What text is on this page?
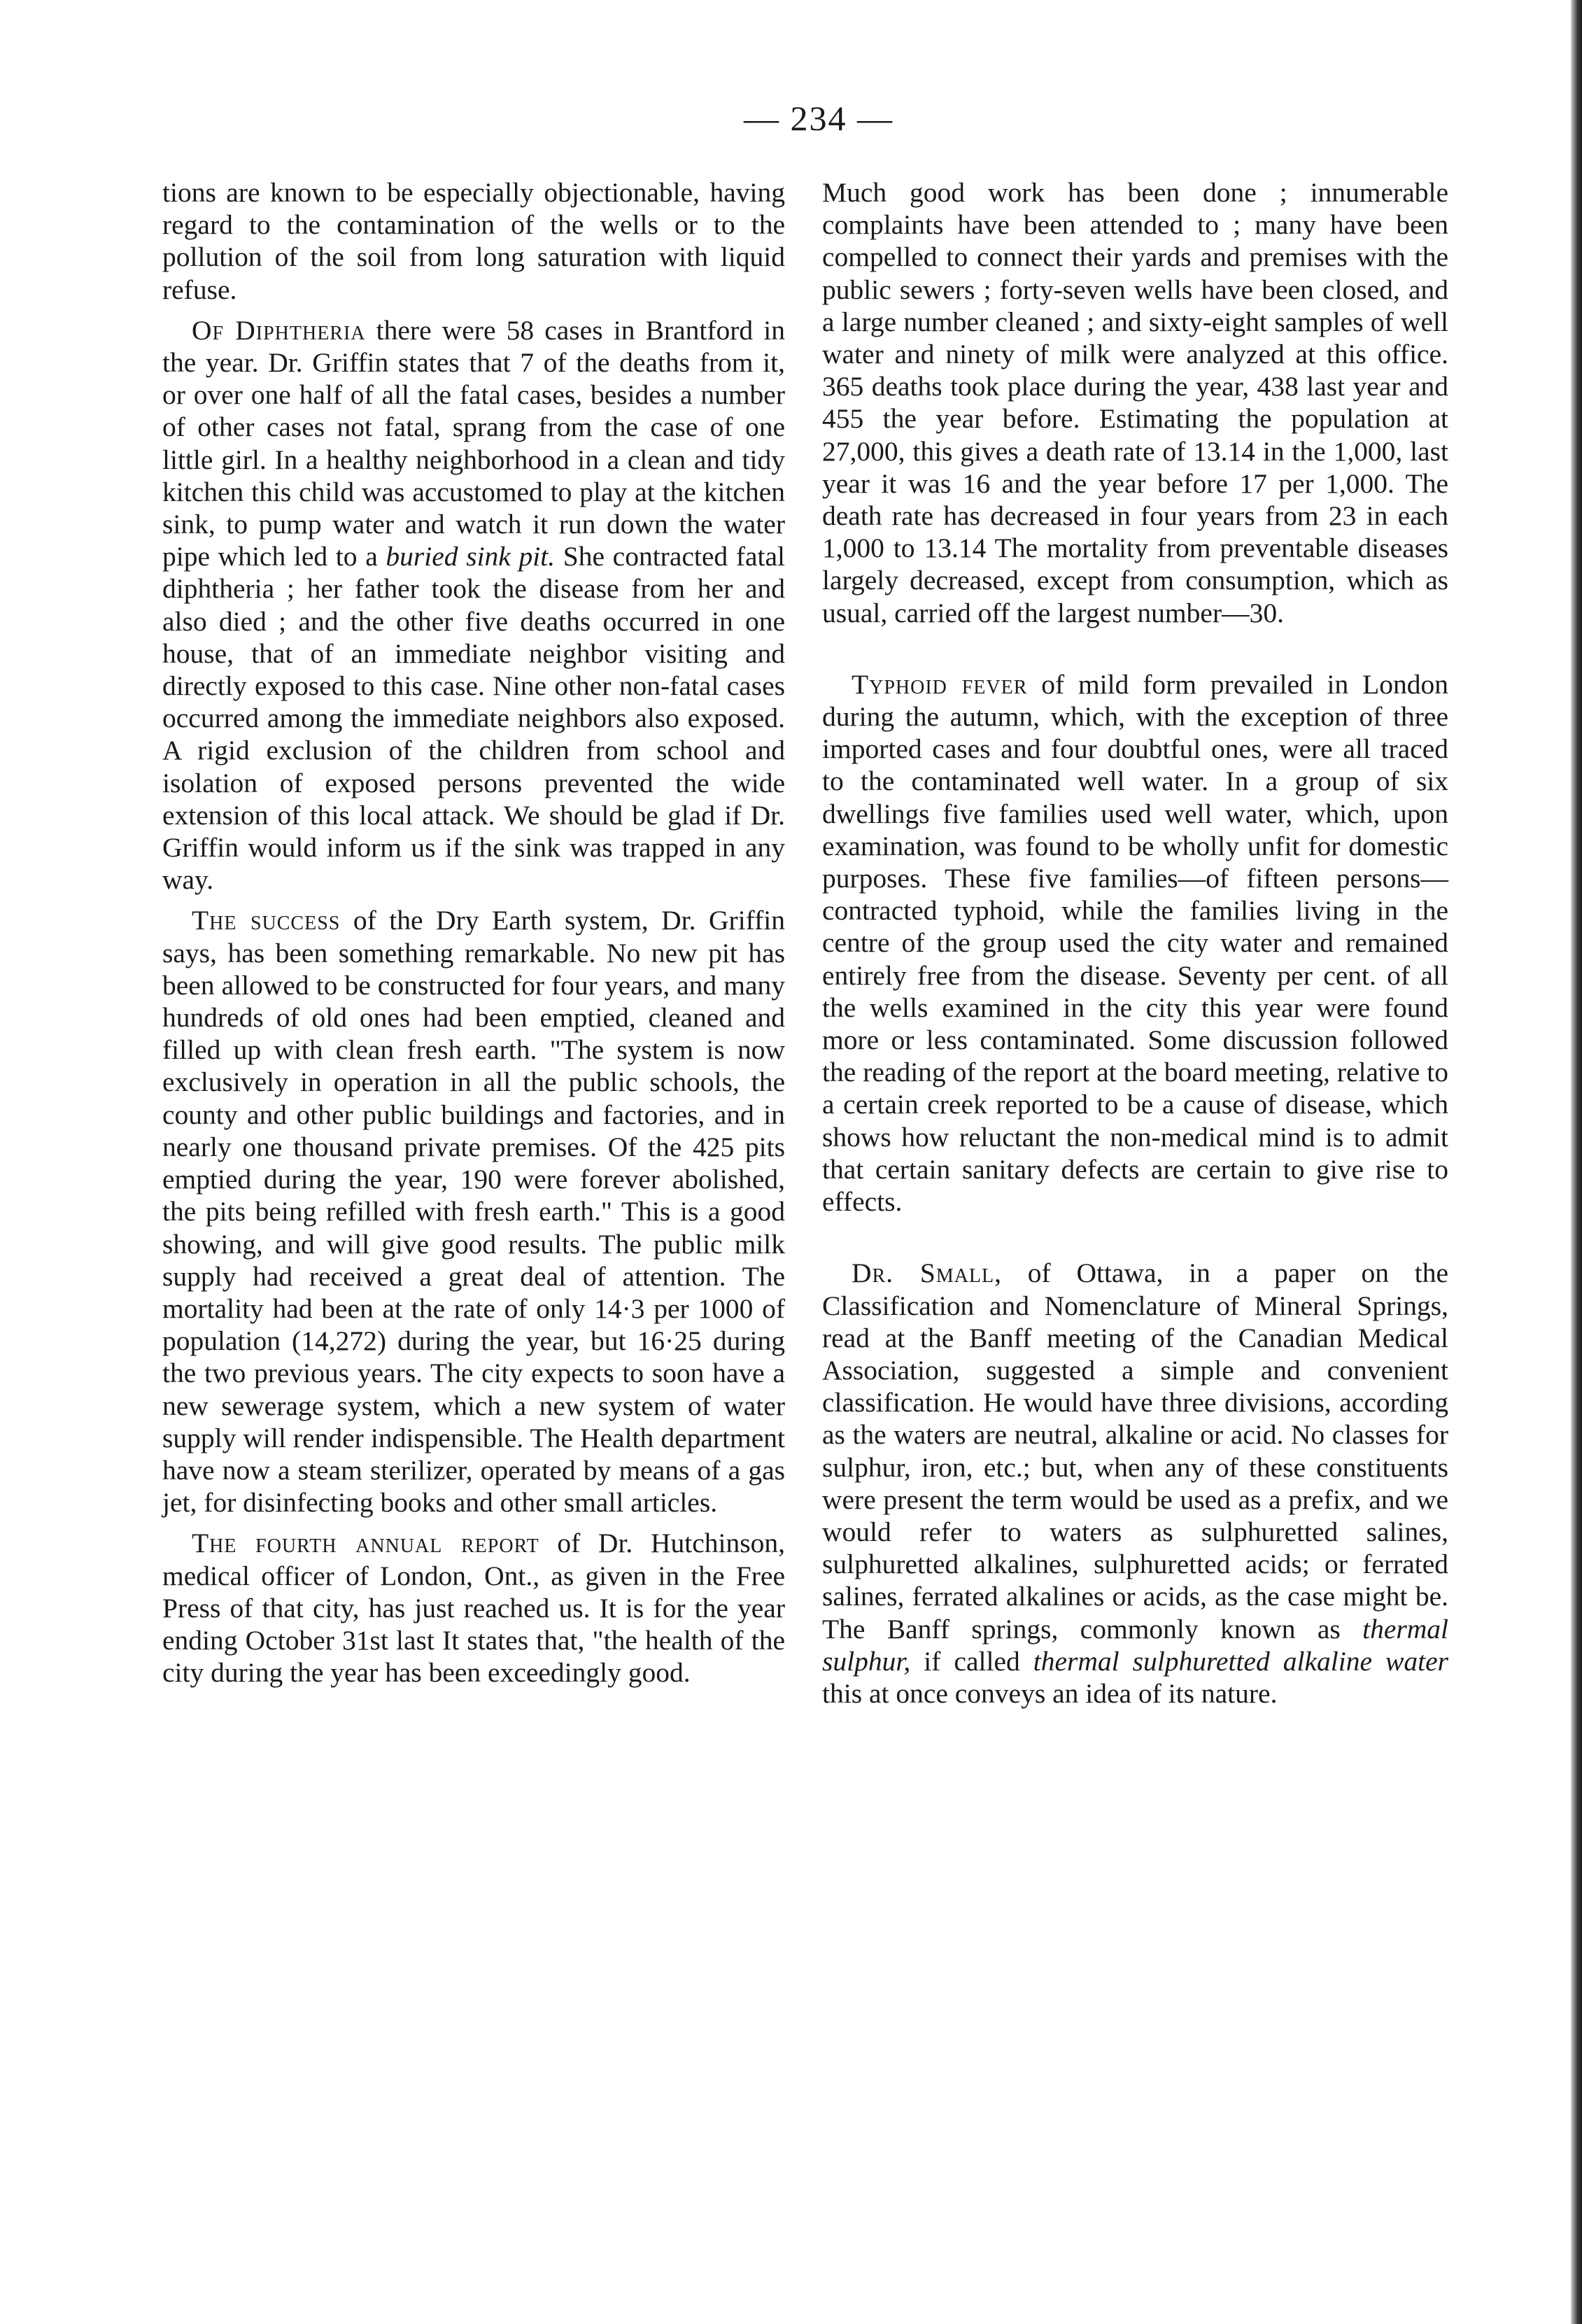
— 234 —

tions are known to be especially objectionable, having regard to the contamination of the wells or to the pollution of the soil from long saturation with liquid refuse.

Of Diphtheria there were 58 cases in Brantford in the year. Dr. Griffin states that 7 of the deaths from it, or over one half of all the fatal cases, besides a number of other cases not fatal, sprang from the case of one little girl. In a healthy neighborhood in a clean and tidy kitchen this child was accustomed to play at the kitchen sink, to pump water and watch it run down the water pipe which led to a buried sink pit. She contracted fatal diphtheria ; her father took the disease from her and also died ; and the other five deaths occurred in one house, that of an immediate neighbor visiting and directly exposed to this case. Nine other non-fatal cases occurred among the immediate neighbors also exposed. A rigid exclusion of the children from school and isolation of exposed persons prevented the wide extension of this local attack. We should be glad if Dr. Griffin would inform us if the sink was trapped in any way.

The success of the Dry Earth system, Dr. Griffin says, has been something remarkable. No new pit has been allowed to be constructed for four years, and many hundreds of old ones had been emptied, cleaned and filled up with clean fresh earth. "The system is now exclusively in operation in all the public schools, the county and other public buildings and factories, and in nearly one thousand private premises. Of the 425 pits emptied during the year, 190 were forever abolished, the pits being refilled with fresh earth." This is a good showing, and will give good results. The public milk supply had received a great deal of attention. The mortality had been at the rate of only 14·3 per 1000 of population (14,272) during the year, but 16·25 during the two previous years. The city expects to soon have a new sewerage system, which a new system of water supply will render indispensible. The Health department have now a steam sterilizer, operated by means of a gas jet, for disinfecting books and other small articles.

The fourth annual report of Dr. Hutchinson, medical officer of London, Ont., as given in the Free Press of that city, has just reached us. It is for the year ending October 31st last It states that, "the health of the city during the year has been exceedingly good.

Much good work has been done ; innumerable complaints have been attended to ; many have been compelled to connect their yards and premises with the public sewers ; forty-seven wells have been closed, and a large number cleaned ; and sixty-eight samples of well water and ninety of milk were analyzed at this office. 365 deaths took place during the year, 438 last year and 455 the year before. Estimating the population at 27,000, this gives a death rate of 13.14 in the 1,000, last year it was 16 and the year before 17 per 1,000. The death rate has decreased in four years from 23 in each 1,000 to 13.14 The mortality from preventable diseases largely decreased, except from consumption, which as usual, carried off the largest number—30.

Typhoid fever of mild form prevailed in London during the autumn, which, with the exception of three imported cases and four doubtful ones, were all traced to the contaminated well water. In a group of six dwellings five families used well water, which, upon examination, was found to be wholly unfit for domestic purposes. These five families—of fifteen persons—contracted typhoid, while the families living in the centre of the group used the city water and remained entirely free from the disease. Seventy per cent. of all the wells examined in the city this year were found more or less contaminated. Some discussion followed the reading of the report at the board meeting, relative to a certain creek reported to be a cause of disease, which shows how reluctant the non-medical mind is to admit that certain sanitary defects are certain to give rise to effects.

Dr. Small, of Ottawa, in a paper on the Classification and Nomenclature of Mineral Springs, read at the Banff meeting of the Canadian Medical Association, suggested a simple and convenient classification. He would have three divisions, according as the waters are neutral, alkaline or acid. No classes for sulphur, iron, etc.; but, when any of these constituents were present the term would be used as a prefix, and we would refer to waters as sulphuretted salines, sulphuretted alkalines, sulphuretted acids; or ferrated salines, ferrated alkalines or acids, as the case might be. The Banff springs, commonly known as thermal sulphur, if called thermal sulphuretted alkaline water this at once conveys an idea of its nature.
